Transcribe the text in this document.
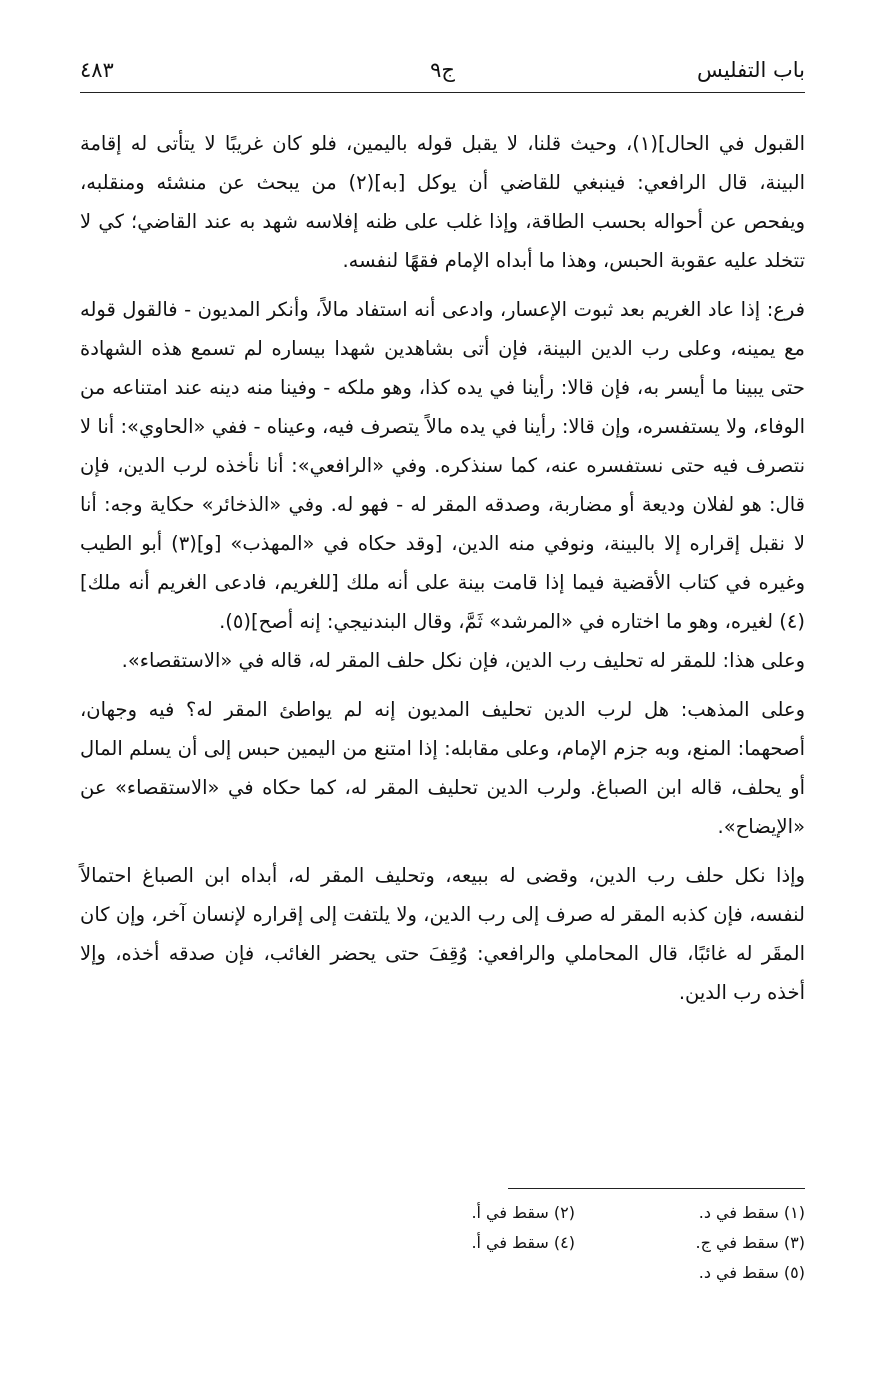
باب التفليس
ج٩
٤٨٣

القبول في الحال](١)، وحيث قلنا، لا يقبل قوله باليمين، فلو كان غريبًا لا يتأتى له إقامة البينة، قال الرافعي: فينبغي للقاضي أن يوكل [به](٢) من يبحث عن منشئه ومنقلبه، ويفحص عن أحواله بحسب الطاقة، وإذا غلب على ظنه إفلاسه شهد به عند القاضي؛ كي لا تتخلد عليه عقوبة الحبس، وهذا ما أبداه الإمام فقهًا لنفسه.

فرع: إذا عاد الغريم بعد ثبوت الإعسار، وادعى أنه استفاد مالاً، وأنكر المديون - فالقول قوله مع يمينه، وعلى رب الدين البينة، فإن أتى بشاهدين شهدا بيساره لم تسمع هذه الشهادة حتى يبينا ما أيسر به، فإن قالا: رأينا في يده كذا، وهو ملكه - وفينا منه دينه عند امتناعه من الوفاء، ولا يستفسره، وإن قالا: رأينا في يده مالاً يتصرف فيه، وعيناه - ففي «الحاوي»: أنا لا نتصرف فيه حتى نستفسره عنه، كما سنذكره. وفي «الرافعي»: أنا نأخذه لرب الدين، فإن قال: هو لفلان وديعة أو مضاربة، وصدقه المقر له - فهو له. وفي «الذخائر» حكاية وجه: أنا لا نقبل إقراره إلا بالبينة، ونوفي منه الدين، [وقد حكاه في «المهذب» [و](٣) أبو الطيب وغيره في كتاب الأقضية فيما إذا قامت بينة على أنه ملك [للغريم، فادعى الغريم أنه ملك](٤) لغيره، وهو ما اختاره في «المرشد» ثَمَّ، وقال البندنيجي: إنه أصح](٥).

وعلى هذا: للمقر له تحليف رب الدين، فإن نكل حلف المقر له، قاله في «الاستقصاء».

وعلى المذهب: هل لرب الدين تحليف المديون إنه لم يواطئ المقر له؟ فيه وجهان، أصحهما: المنع، وبه جزم الإمام، وعلى مقابله: إذا امتنع من اليمين حبس إلى أن يسلم المال أو يحلف، قاله ابن الصباغ. ولرب الدين تحليف المقر له، كما حكاه في «الاستقصاء» عن «الإيضاح».

وإذا نكل حلف رب الدين، وقضى له ببيعه، وتحليف المقر له، أبداه ابن الصباغ احتمالاً لنفسه، فإن كذبه المقر له صرف إلى رب الدين، ولا يلتفت إلى إقراره لإنسان آخر، وإن كان المقَر له غائبًا، قال المحاملي والرافعي: وُقِفَ حتى يحضر الغائب، فإن صدقه أخذه، وإلا أخذه رب الدين.

(١) سقط في د.
(٢) سقط في أ.
(٣) سقط في ج.
(٤) سقط في أ.
(٥) سقط في د.
